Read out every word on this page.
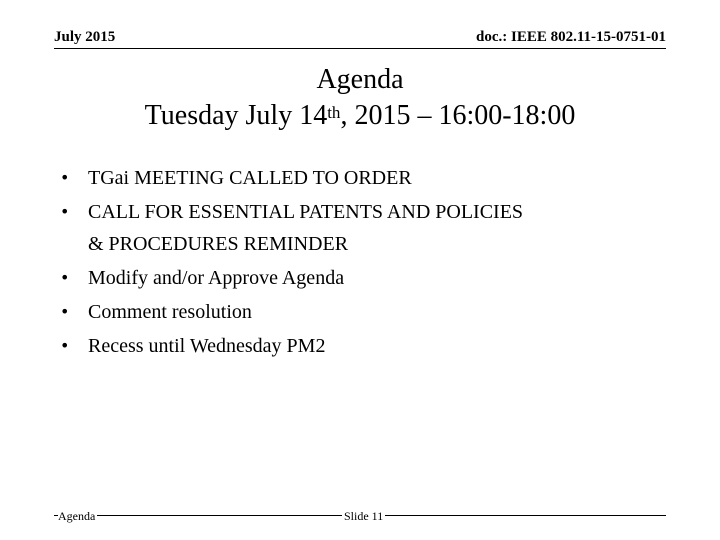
July 2015	doc.: IEEE 802.11-15-0751-01
Agenda
Tuesday July 14th, 2015 – 16:00-18:00
• TGai MEETING CALLED TO ORDER
• CALL FOR ESSENTIAL PATENTS AND POLICIES
& PROCEDURES REMINDER
• Modify and/or Approve Agenda
• Comment resolution
• Recess until Wednesday PM2
Agenda	Slide 11
